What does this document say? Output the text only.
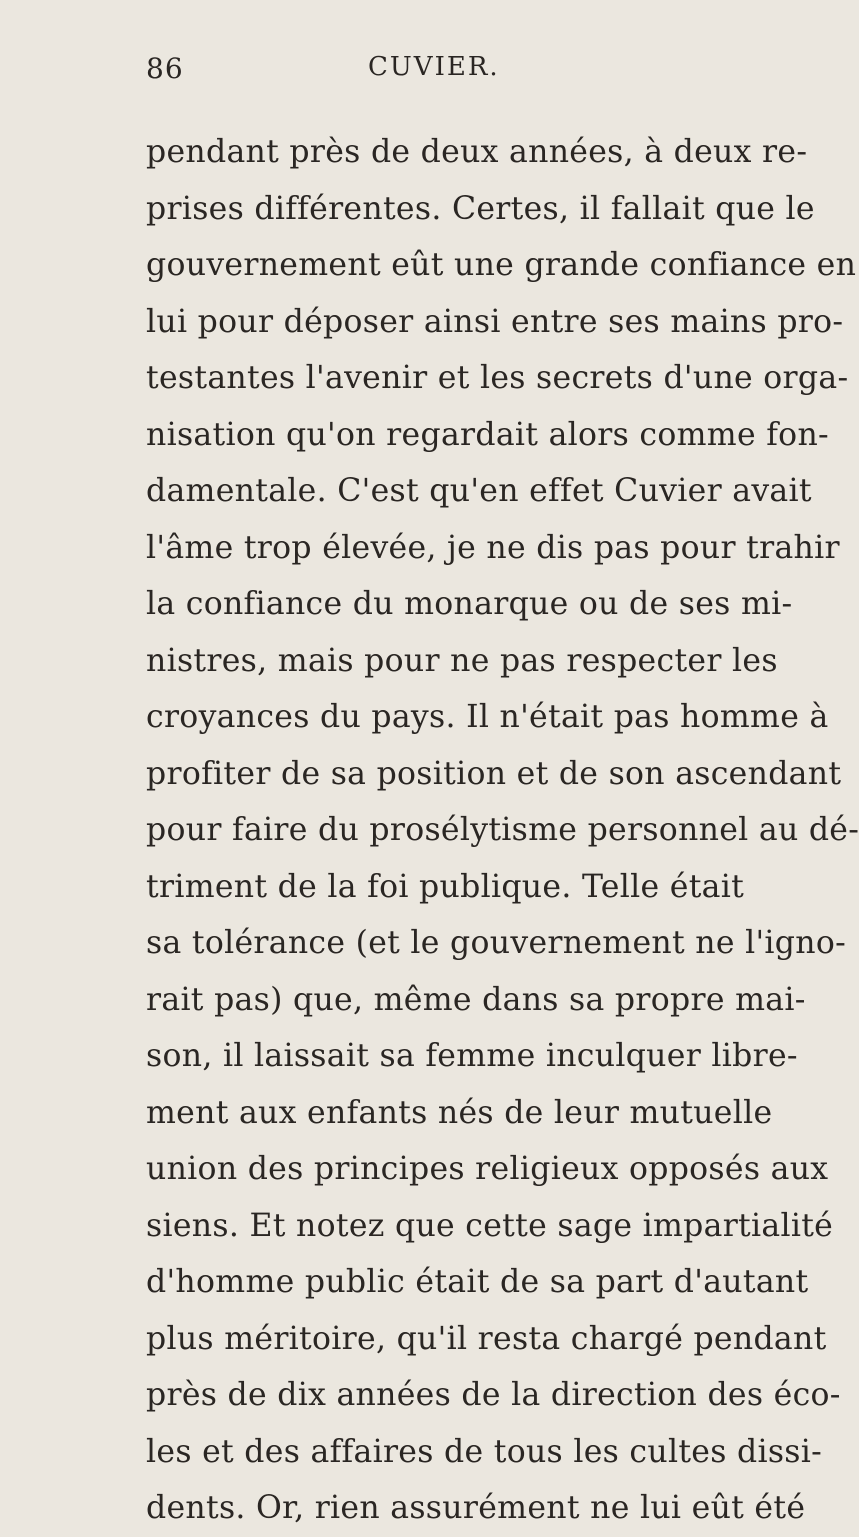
86	CUVIER.
pendant près de deux années, à deux re-
prises différentes. Certes, il fallait que le
gouvernement eût une grande confiance en
lui pour déposer ainsi entre ses mains pro-
testantes l'avenir et les secrets d'une orga-
nisation qu'on regardait alors comme fon-
damentale. C'est qu'en effet Cuvier avait
l'âme trop élevée, je ne dis pas pour trahir
la confiance du monarque ou de ses mi-
nistres, mais pour ne pas respecter les
croyances du pays. Il n'était pas homme à
profiter de sa position et de son ascendant
pour faire du prosélytisme personnel au dé-
triment de la foi publique. Telle était
sa tolérance (et le gouvernement ne l'igno-
rait pas) que, même dans sa propre mai-
son, il laissait sa femme inculquer libre-
ment aux enfants nés de leur mutuelle
union des principes religieux opposés aux
siens. Et notez que cette sage impartialité
d'homme public était de sa part d'autant
plus méritoire, qu'il resta chargé pendant
près de dix années de la direction des éco-
les et des affaires de tous les cultes dissi-
dents. Or, rien assurément ne lui eût été
